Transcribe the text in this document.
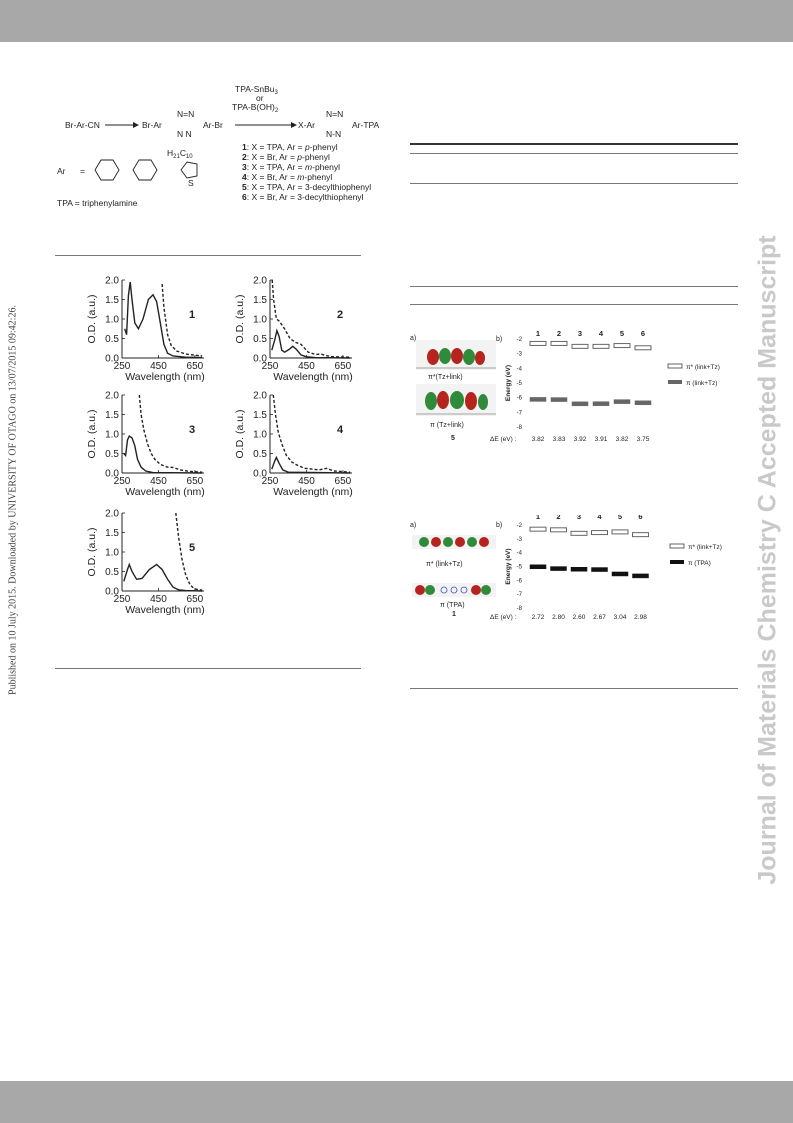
Published on 10 July 2015. Downloaded by UNIVERSITY OF OTAGO on 13/07/2015 09:42:26.	Journal of Materials Chemistry C Accepted Manuscript
TPA-SnBu$_3$
or
TPA-$B(OH)_2$
Br-Ar-CN	Br-Ar
N=N
N N
Ar-Br	X-Ar
N=N
N-N
Ar-TPA
Ar =
$H_{21}C_{10}$
S
TPA = triphenylamine
1: X = TPA, Ar = p-phenyl
2: X = Br, Ar = p-phenyl
3: X = TPA, Ar = m-phenyl
4: X = Br, Ar = m-phenyl
5: X = TPA, Ar = 3-decylthiophenyl
6: X = Br, Ar = 3-decylthiophenyl
0.0
0.5
1.0
1.5
2.0
250 450 650
Wavelength (nm)
O.D. (a.u.)	1
0.0
0.5
1.0
1.5
2.0
250 450 650
Wavelength (nm)
O.D. (a.u.)	2
0.0
0.5
1.0
1.5
2.0
250 450 650
Wavelength (nm)
O.D. (a.u.)	3
0.0
0.5
1.0
1.5
2.0
250 450 650
Wavelength (nm)
O.D. (a.u.)	4
0.0
0.5
1.0
1.5
2.0
250 450 650
Wavelength (nm)
O.D. (a.u.)	5
a)
π*(Tz+link)
π (Tz+link)
5
b) -2
-3
-4
-5
-6
-7
-8
Energy (eV)
1
3.82
2
3.83
3
3.92
4
3.91
5
3.82
6
3.75
ΔE (eV) :
π* (link+Tz)
π (link+Tz)
a)
π* (link+Tz)
π (TPA)
1
b) -2
-3
-4
-5
-6
-7
-8
Energy (eV)
1
2.72
2
2.80
3
2.60
4
2.67
5
3.04
6
2.98
ΔE (eV) :
π* (link+Tz)
π (TPA)
